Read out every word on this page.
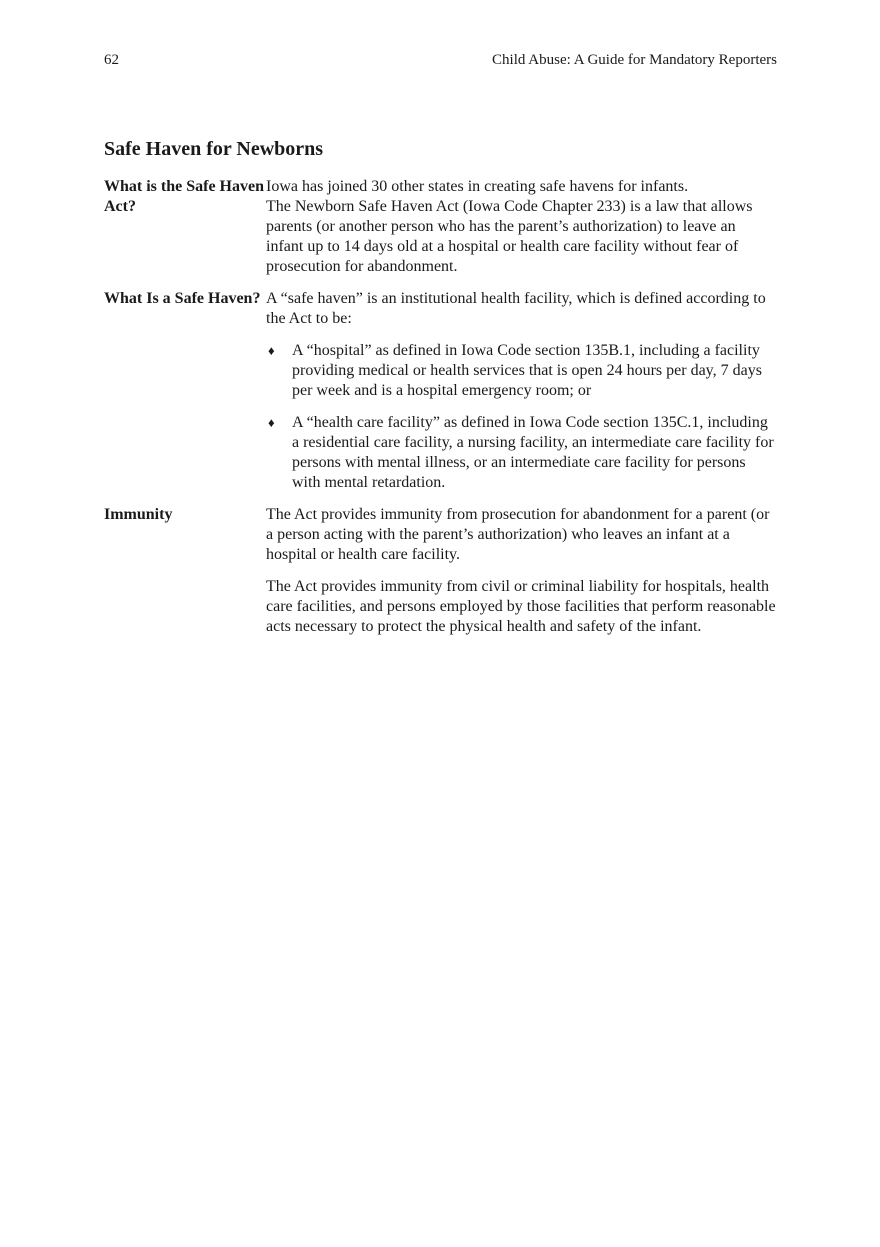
62	Child Abuse: A Guide for Mandatory Reporters
Safe Haven for Newborns
What is the Safe Haven Act?
Iowa has joined 30 other states in creating safe havens for infants.

The Newborn Safe Haven Act (Iowa Code Chapter 233) is a law that allows parents (or another person who has the parent’s authorization) to leave an infant up to 14 days old at a hospital or health care facility without fear of prosecution for abandonment.

What Is a Safe Haven? A “safe haven” is an institutional health facility, which is defined according to the Act to be:

♦ A “hospital” as defined in Iowa Code section 135B.1, including a facility providing medical or health services that is open 24 hours per day, 7 days per week and is a hospital emergency room; or
♦ A “health care facility” as defined in Iowa Code section 135C.1, including a residential care facility, a nursing facility, an intermediate care facility for persons with mental illness, or an intermediate care facility for persons with mental retardation.
Immunity	The Act provides immunity from prosecution for abandonment for a parent (or a person acting with the parent’s authorization) who leaves an infant at a hospital or health care facility.

The Act provides immunity from civil or criminal liability for hospitals, health care facilities, and persons employed by those facilities that perform reasonable acts necessary to protect the physical health and safety of the infant.
